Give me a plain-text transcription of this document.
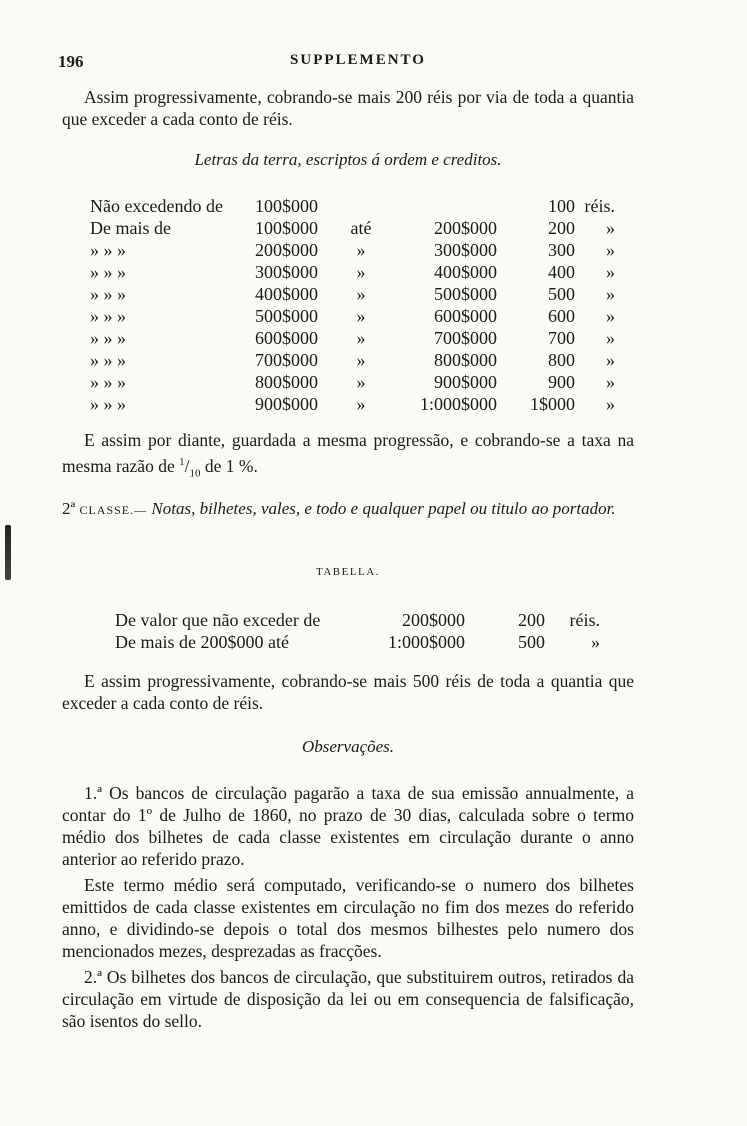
196	SUPPLEMENTO
Assim progressivamente, cobrando-se mais 200 réis por via de toda a quantia que exceder a cada conto de réis.
Letras da terra, escriptos á ordem e creditos.
Não excedendo de	100$000			100	réis.
De mais de	100$000	até	200$000	200	»
» » »	200$000	»	300$000	300	»
» » »	300$000	»	400$000	400	»
» » »	400$000	»	500$000	500	»
» » »	500$000	»	600$000	600	»
» » »	600$000	»	700$000	700	»
» » »	700$000	»	800$000	800	»
» » »	800$000	»	900$000	900	»
» » »	900$000	»	1:000$000	1$000	»
E assim por diante, guardada a mesma progressão, e cobrando-se a taxa na mesma razão de $^1/_{10}$ de 1 %.
2ª CLASSE.— Notas, bilhetes, vales, e todo e qualquer papel ou titulo ao portador.
TABELLA.
De valor que não exceder de	200$000	200	réis.
De mais de 200$000 até	1:000$000	500	»
E assim progressivamente, cobrando-se mais 500 réis de toda a quantia que exceder a cada conto de réis.
Observações.
1.ª Os bancos de circulação pagarão a taxa de sua emissão annualmente, a contar do 1º de Julho de 1860, no prazo de 30 dias, calculada sobre o termo médio dos bilhetes de cada classe existentes em circulação durante o anno anterior ao referido prazo.
Este termo médio será computado, verificando-se o numero dos bilhetes emittidos de cada classe existentes em circulação no fim dos mezes do referido anno, e dividindo-se depois o total dos mesmos bilhestes pelo numero dos mencionados mezes, desprezadas as fracções.
2.ª Os bilhetes dos bancos de circulação, que substituirem outros, retirados da circulação em virtude de disposição da lei ou em consequencia de falsificação, são isentos do sello.
